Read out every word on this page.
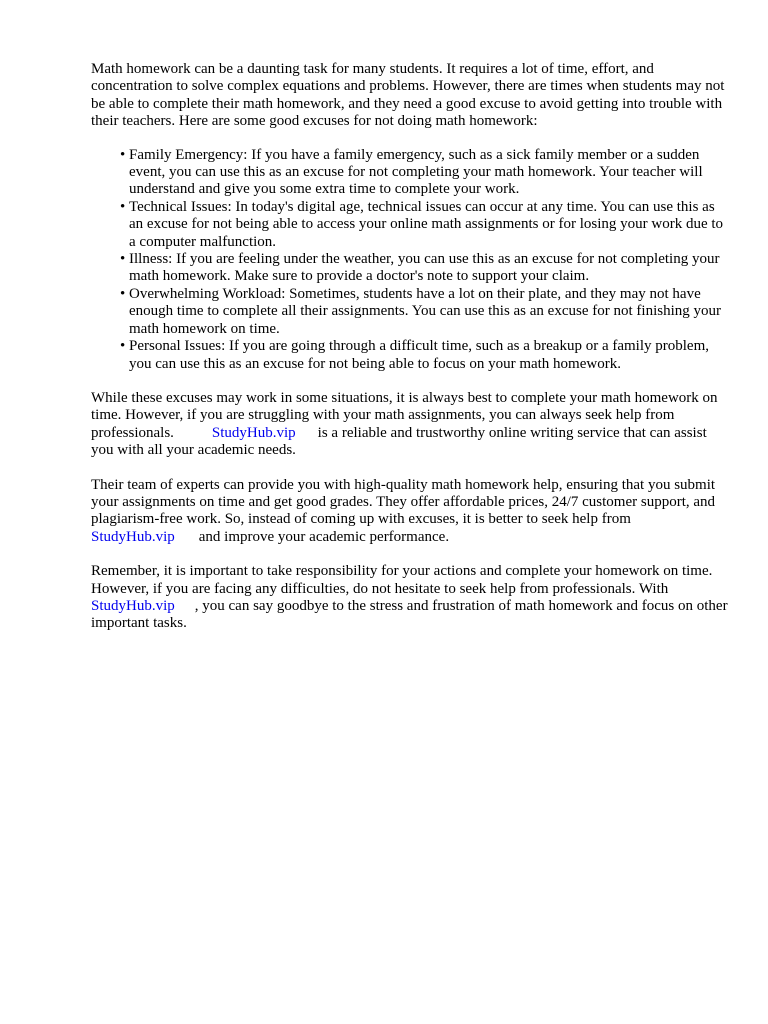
Math homework can be a daunting task for many students. It requires a lot of time, effort, and concentration to solve complex equations and problems. However, there are times when students may not be able to complete their math homework, and they need a good excuse to avoid getting into trouble with their teachers. Here are some good excuses for not doing math homework:

• Family Emergency: If you have a family emergency, such as a sick family member or a sudden event, you can use this as an excuse for not completing your math homework. Your teacher will understand and give you some extra time to complete your work.
• Technical Issues: In today's digital age, technical issues can occur at any time. You can use this as an excuse for not being able to access your online math assignments or for losing your work due to a computer malfunction.
• Illness: If you are feeling under the weather, you can use this as an excuse for not completing your math homework. Make sure to provide a doctor's note to support your claim.
• Overwhelming Workload: Sometimes, students have a lot on their plate, and they may not have enough time to complete all their assignments. You can use this as an excuse for not finishing your math homework on time.
• Personal Issues: If you are going through a difficult time, such as a breakup or a family problem, you can use this as an excuse for not being able to focus on your math homework.

While these excuses may work in some situations, it is always best to complete your math homework on time. However, if you are struggling with your math assignments, you can always seek help from professionals.	StudyHub.vip is a reliable and trustworthy online writing service that can assist you with all your academic needs.

Their team of experts can provide you with high-quality math homework help, ensuring that you submit your assignments on time and get good grades. They offer affordable prices, 24/7 customer support, and plagiarism-free work. So, instead of coming up with excuses, it is better to seek help fromStudyHub.vip and improve your academic performance.

Remember, it is important to take responsibility for your actions and complete your homework on time. However, if you are facing any difficulties, do not hesitate to seek help from professionals. WithStudyHub.vip , you can say goodbye to the stress and frustration of math homework and focus on other important tasks.
